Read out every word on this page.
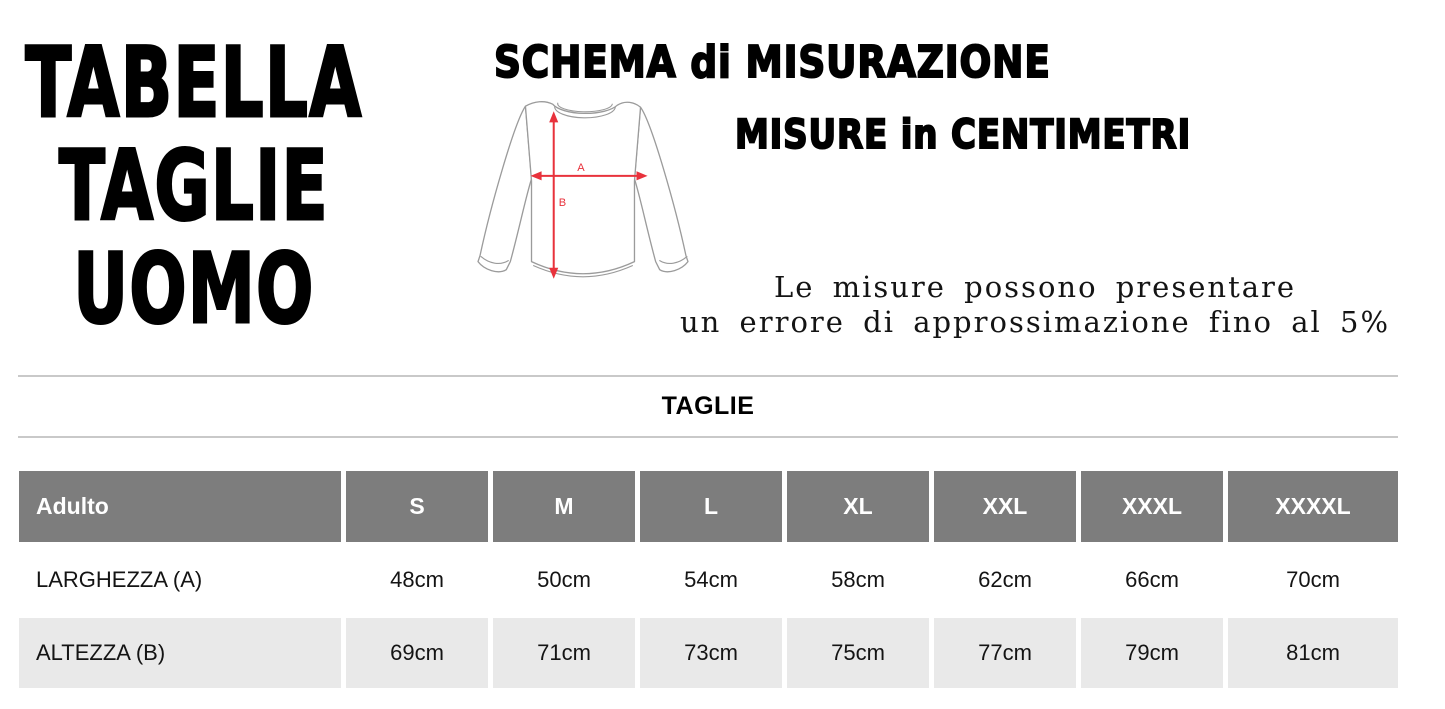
TABELLA
TAGLIE
UOMO
SCHEMA di MISURAZIONE
MISURE in CENTIMETRI
A
B
Le misure possono presentare
un errore di approssimazione fino al 5%
TAGLIE
Adulto	S	M	L	XL	XXL	XXXL	XXXXL
LARGHEZZA (A)	48cm	50cm	54cm	58cm	62cm	66cm	70cm
ALTEZZA (B)	69cm	71cm	73cm	75cm	77cm	79cm	81cm
